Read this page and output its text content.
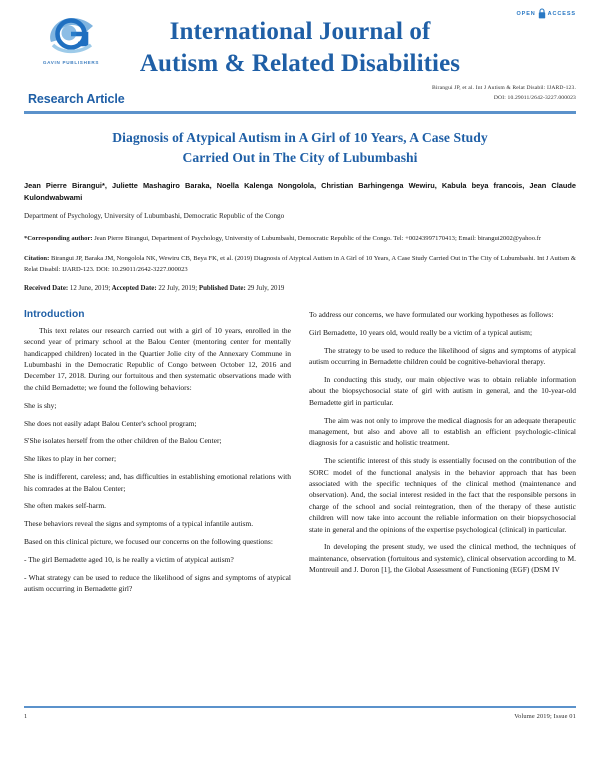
OPEN ACCESS
GAVIN PUBLISHERS
International Journal of
Autism & Related Disabilities
Birangui JP, et al. Int J Autism & Relat Disabil: IJARD-123.
DOI: 10.29011/2642-3227.000023
Research Article
Diagnosis of Atypical Autism in A Girl of 10 Years, A Case Study
Carried Out in The City of Lubumbashi
Jean Pierre Birangui*, Juliette Mashagiro Baraka, Noella Kalenga Nongolola, Christian Barhingenga Wewiru, Kabula beya francois, Jean Claude Kulondwabwami
Department of Psychology, University of Lubumbashi, Democratic Republic of the Congo
*Corresponding author: Jean Pierre Birangui, Department of Psychology, University of Lubumbashi, Democratic Republic of the Congo. Tel: +00243997170413; Email: birangui2002@yahoo.fr
Citation: Birangui JP, Baraka JM, Nongolola NK, Wewiru CB, Beya FK, et al. (2019) Diagnosis of Atypical Autism in A Girl of 10 Years, A Case Study Carried Out in The City of Lubumbashi. Int J Autism & Relat Disabil: IJARD-123. DOI: 10.29011/2642-3227.000023
Received Date: 12 June, 2019; Accepted Date: 22 July, 2019; Published Date: 29 July, 2019
Introduction

This text relates our research carried out with a girl of 10 years, enrolled in the second year of primary school at the Balou Center (mentoring center for mentally handicapped children) located in the Quartier Jolie city of the Annexary Commune in Lubumbashi in the Democratic Republic of Congo between October 12, 2016 and December 17, 2018. During our fortuitous and then systematic observations made with the child Bernadette; we found the following behaviors:

She is shy;

She does not easily adapt Balou Center's school program;

S'She isolates herself from the other children of the Balou Center;

She likes to play in her corner;

She is indifferent, careless; and, has difficulties in establishing emotional relations with his comrades at the Balou Center;

She often makes self-harm.

These behaviors reveal the signs and symptoms of a typical infantile autism.

Based on this clinical picture, we focused our concerns on the following questions:

- The girl Bernadette aged 10, is he really a victim of atypical autism?

- What strategy can be used to reduce the likelihood of signs and symptoms of atypical autism occurring in Bernadette girl?

To address our concerns, we have formulated our working hypotheses as follows:

Girl Bernadette, 10 years old, would really be a victim of a typical autism;

The strategy to be used to reduce the likelihood of signs and symptoms of atypical autism occurring in Bernadette children could be cognitive-behavioral therapy.

In conducting this study, our main objective was to obtain reliable information about the biopsychosocial state of girl with autism in general, and the 10-year-old Bernadette girl in particular.

The aim was not only to improve the medical diagnosis for an adequate therapeutic management, but also and above all to establish an efficient psychologic-clinical diagnosis for a casuistic and holistic treatment.

The scientific interest of this study is essentially focused on the contribution of the SORC model of the functional analysis in the behavior approach that has been associated with the specific techniques of the clinical method (maintenance and observation). And, the social interest resided in the fact that the responsible persons in charge of the school and social reintegration, then of the therapy of these autistic children will now take into account the reliable information on their biopsychosocial state in general and the opinions of the expertise psychological (clinical) in particular.

In developing the present study, we used the clinical method, the techniques of maintenance, observation (fortuitous and systemic), clinical observation according to M. Montreuil and J. Doron [1], the Global Assessment of Functioning (EGF) (DSM IV

1	Volume 2019; Issue 01
